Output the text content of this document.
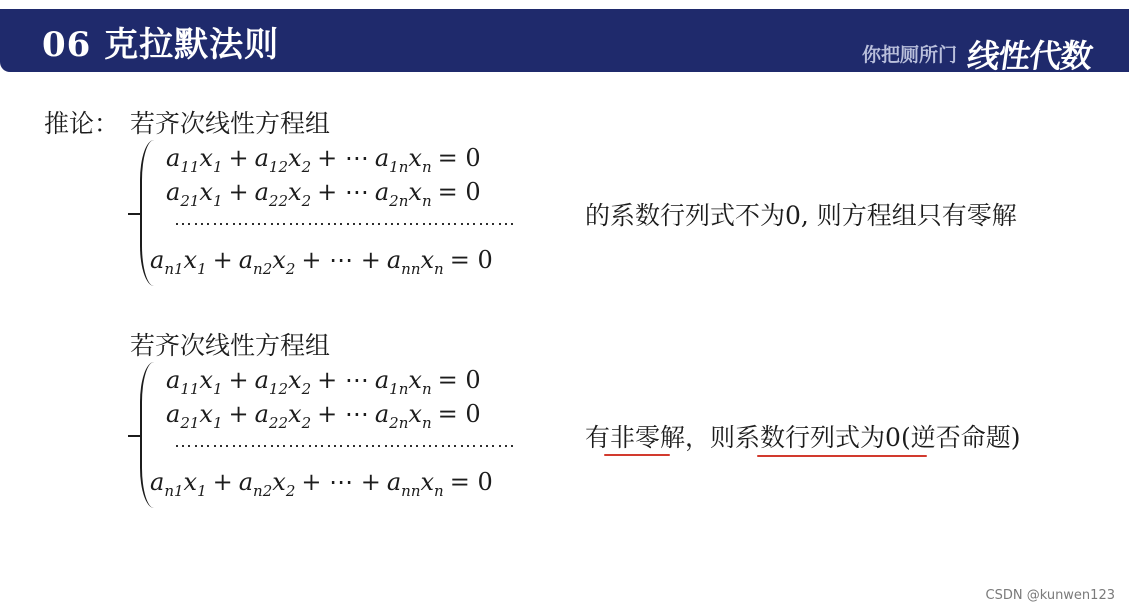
06 克拉默法则	你把厕所门 线性代数
推论： 若齐次线性方程组
$a_{11}x_1 + a_{12}x_2$ + ⋯ $a_{1n}x_n = 0$
$a_{21}x_1 + a_{22}x_2$ + ⋯ $a_{2n}x_n = 0$
⋯⋯⋯⋯⋯⋯⋯⋯⋯⋯⋯⋯⋯⋯⋯⋯⋯⋯
$a_{n1}x_1 + a_{n2}x_2$ + ⋯ + $a_{nn}x_n = 0$
的系数行列式不为0, 则方程组只有零解
若齐次线性方程组
$a_{11}x_1 + a_{12}x_2$ + ⋯ $a_{1n}x_n = 0$
$a_{21}x_1 + a_{22}x_2$ + ⋯ $a_{2n}x_n = 0$
⋯⋯⋯⋯⋯⋯⋯⋯⋯⋯⋯⋯⋯⋯⋯⋯⋯⋯
$a_{n1}x_1 + a_{n2}x_2$ + ⋯ + $a_{nn}x_n = 0$
有非零解，则系数行列式为0(逆否命题)
CSDN @kunwen123
